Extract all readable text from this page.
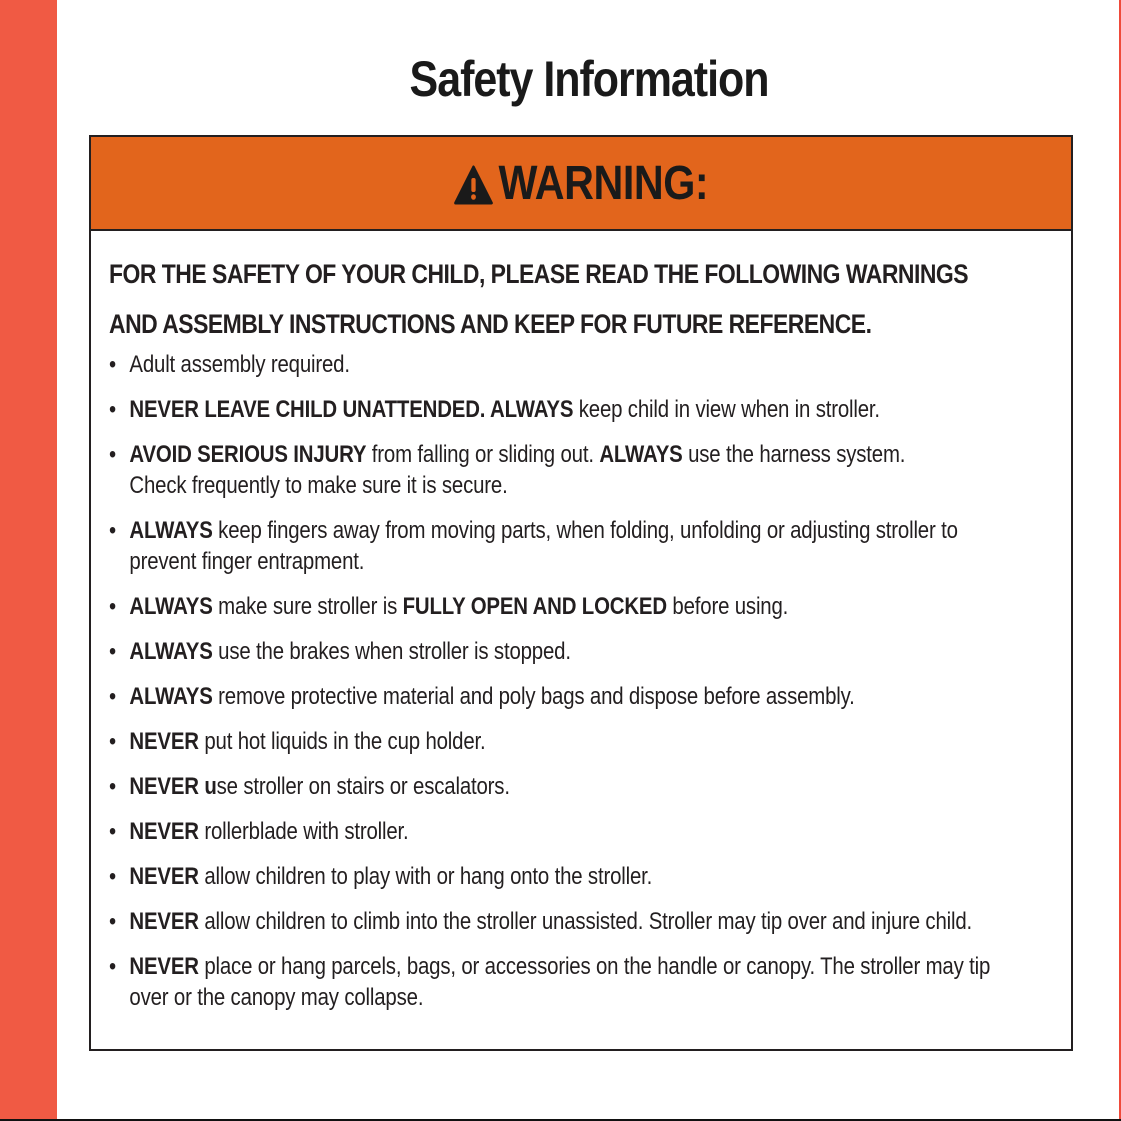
Safety Information
WARNING:
FOR THE SAFETY OF YOUR CHILD, PLEASE READ THE FOLLOWING WARNINGS
AND ASSEMBLY INSTRUCTIONS AND KEEP FOR FUTURE REFERENCE.
• Adult assembly required.
• NEVER LEAVE CHILD UNATTENDED. ALWAYS keep child in view when in stroller.
• AVOID SERIOUS INJURY from falling or sliding out. ALWAYS use the harness system.
Check frequently to make sure it is secure.
• ALWAYS keep fingers away from moving parts, when folding, unfolding or adjusting stroller to
prevent finger entrapment.
• ALWAYS make sure stroller is FULLY OPEN AND LOCKED before using.
• ALWAYS use the brakes when stroller is stopped.
• ALWAYS remove protective material and poly bags and dispose before assembly.
• NEVER put hot liquids in the cup holder.
• NEVER use stroller on stairs or escalators.
• NEVER rollerblade with stroller.
• NEVER allow children to play with or hang onto the stroller.
• NEVER allow children to climb into the stroller unassisted. Stroller may tip over and injure child.
• NEVER place or hang parcels, bags, or accessories on the handle or canopy. The stroller may tip
over or the canopy may collapse.
